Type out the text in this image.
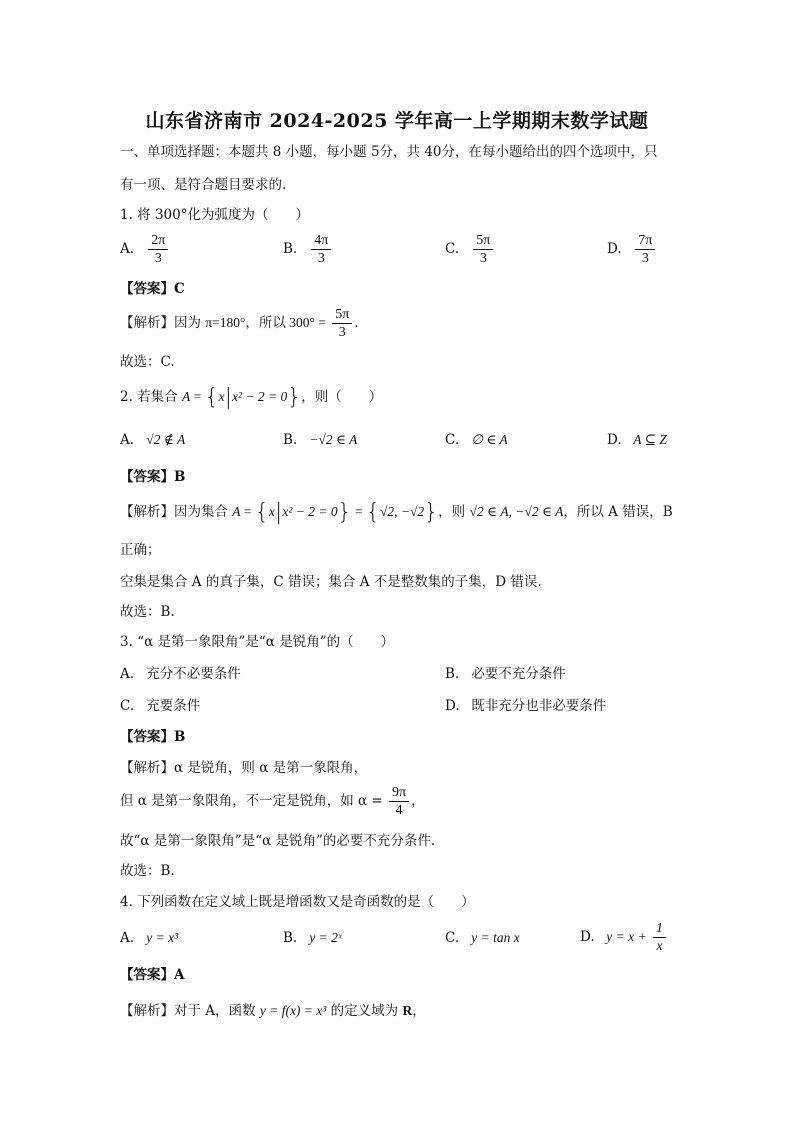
山东省济南市 2024-2025 学年高一上学期期末数学试题
一、单项选择题：本题共 8 小题，每小题 5分，共 40分，在每小题给出的四个选项中，只
有一项、是符合题目要求的.
1. 将 300°化为弧度为（　　）
A. $\frac{2\pi}{3}$	B. $\frac{4\pi}{3}$	C. $\frac{5\pi}{3}$	D. $\frac{7\pi}{3}$
【答案】C
【解析】因为 π=180°，所以 $300^\circ = \frac{5\pi}{3}$ .
故选：C.
2. 若集合 A = {x|x² − 2 = 0}，则（　　）
A. √2 ∉ A	B. −√2 ∈ A	C. ∅ ∈ A	D. A ⊆ Z
【答案】B
【解析】因为集合 A = {x|x² − 2 = 0} = {√2, −√2}，则 √2 ∈ A, −√2 ∈ A，所以 A 错误，B
正确；
空集是集合 A 的真子集，C 错误；集合 A 不是整数集的子集，D 错误.
故选：B.
3. “α 是第一象限角”是“α 是锐角”的（　　）
A. 充分不必要条件	B. 必要不充分条件
C. 充要条件	D. 既非充分也非必要条件
【答案】B
【解析】α 是锐角，则 α 是第一象限角，
但 α 是第一象限角，不一定是锐角，如 $\alpha = \frac{9\pi}{4}$ ，
故“α 是第一象限角”是“α 是锐角”的必要不充分条件.
故选：B.
4. 下列函数在定义域上既是增函数又是奇函数的是（　　）
A. y = x³	B. y = 2ˣ	C. y = tan x	D. $y = x + \frac{1}{x}$
【答案】A
【解析】对于 A，函数 y = f(x) = x³ 的定义域为 R，
